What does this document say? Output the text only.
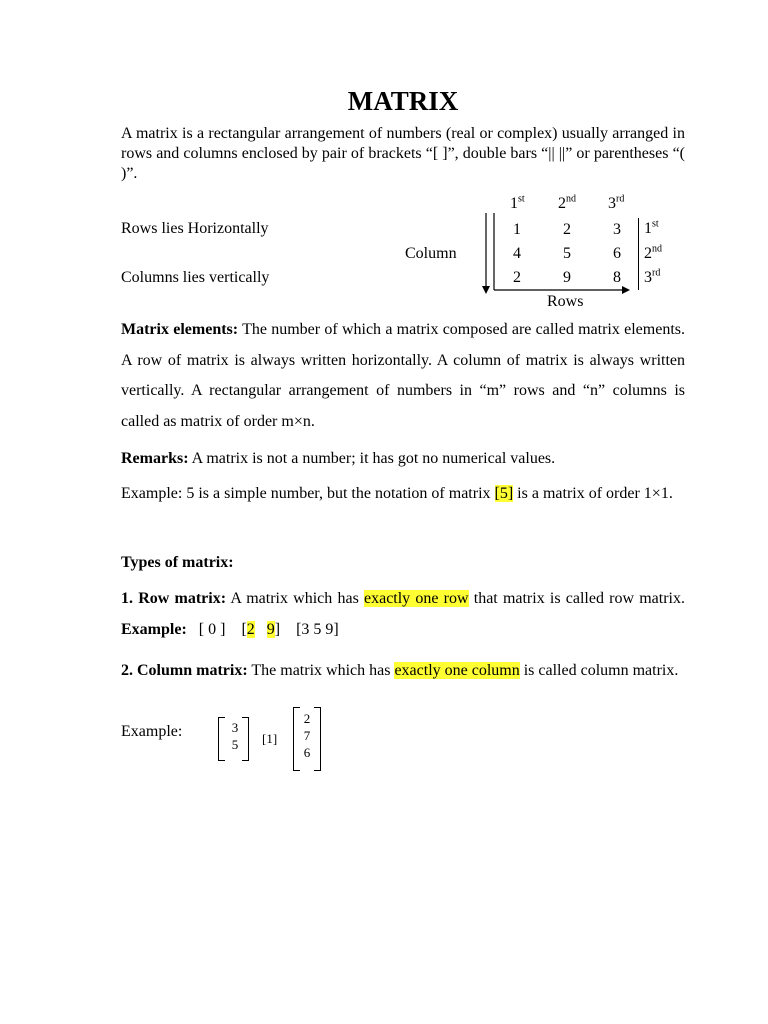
MATRIX
A matrix is a rectangular arrangement of numbers (real or complex) usually arranged in rows and columns enclosed by pair of brackets “[ ]”, double bars “|| ||” or parentheses “( )”.
Rows lies Horizontally
Columns lies vertically
Column
1st 2nd 3rd
1	2	3
4	5	6
2	9	8
1st
2nd
3rd
Rows
Matrix elements: The number of which a matrix composed are called matrix elements. A row of matrix is always written horizontally. A column of matrix is always written vertically. A rectangular arrangement of numbers in “m” rows and “n” columns is called as matrix of order m×n.
Remarks: A matrix is not a number; it has got no numerical values.
Example: 5 is a simple number, but the notation of matrix [5] is a matrix of order 1×1.
Types of matrix:
1. Row matrix: A matrix which has exactly one row that matrix is called row matrix. Example: [ 0 ] [2 9] [3 5 9]
2. Column matrix: The matrix which has exactly one column is called column matrix.
Example:	3
5	[1]
2
7
6
